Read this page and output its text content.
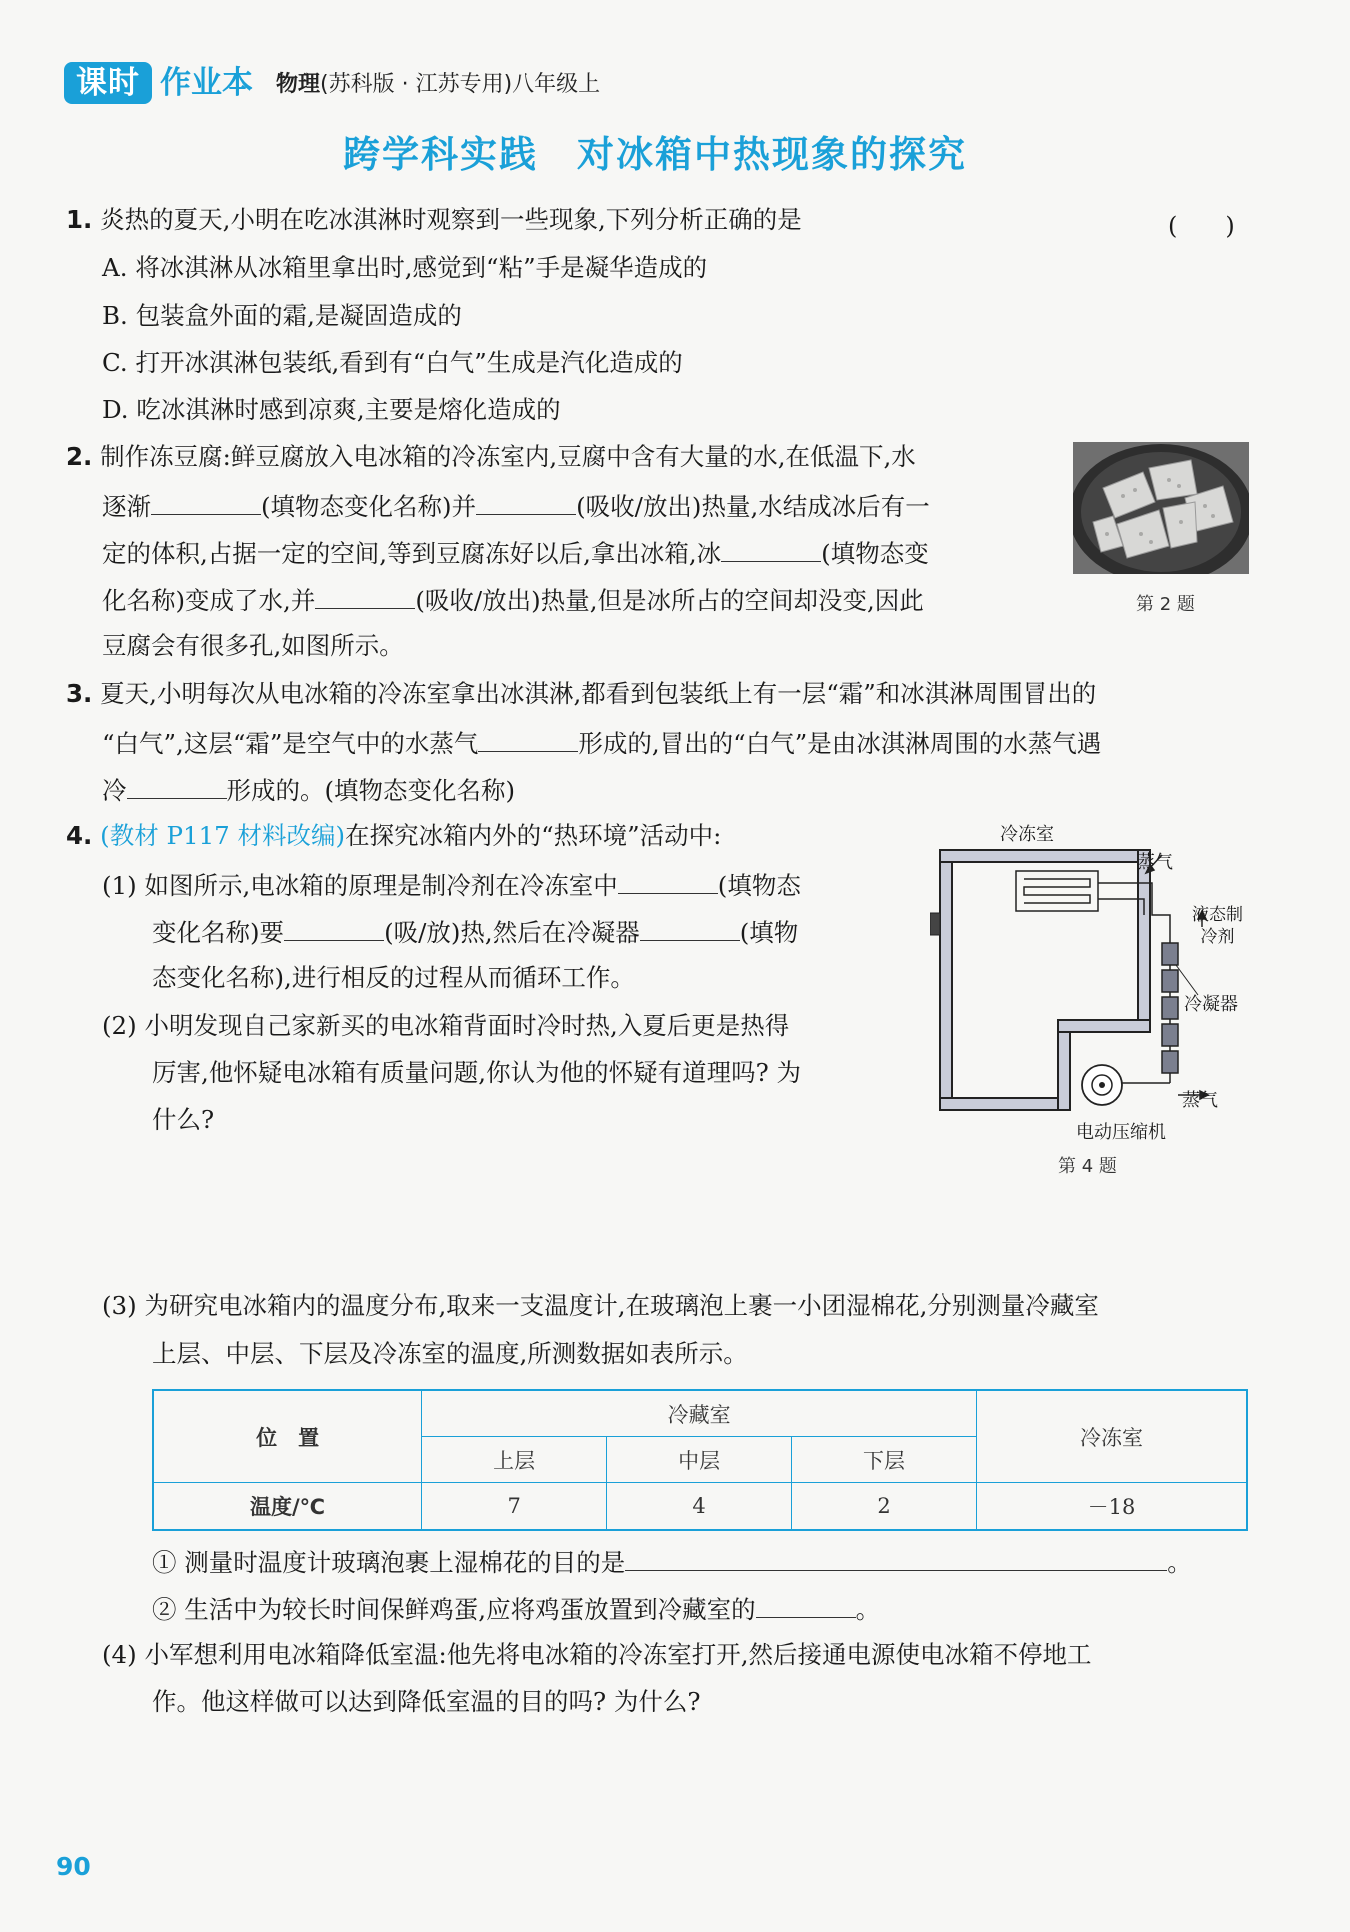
课时 作业本 物理(苏科版 · 江苏专用)八年级上
跨学科实践　对冰箱中热现象的探究
1. 炎热的夏天,小明在吃冰淇淋时观察到一些现象,下列分析正确的是	(　　)
A. 将冰淇淋从冰箱里拿出时,感觉到“粘”手是凝华造成的
B. 包装盒外面的霜,是凝固造成的
C. 打开冰淇淋包装纸,看到有“白气”生成是汽化造成的
D. 吃冰淇淋时感到凉爽,主要是熔化造成的
2. 制作冻豆腐:鲜豆腐放入电冰箱的冷冻室内,豆腐中含有大量的水,在低温下,水
逐渐	(填物态变化名称)并	(吸收/放出)热量,水结成冰后有一
定的体积,占据一定的空间,等到豆腐冻好以后,拿出冰箱,冰	(填物态变
化名称)变成了水,并	(吸收/放出)热量,但是冰所占的空间却没变,因此
豆腐会有很多孔,如图所示。
第 2 题
3. 夏天,小明每次从电冰箱的冷冻室拿出冰淇淋,都看到包装纸上有一层“霜”和冰淇淋周围冒出的
“白气”,这层“霜”是空气中的水蒸气	形成的,冒出的“白气”是由冰淇淋周围的水蒸气遇
冷	形成的。(填物态变化名称)
4. (教材 P117 材料改编)在探究冰箱内外的“热环境”活动中:
(1) 如图所示,电冰箱的原理是制冷剂在冷冻室中	(填物态
变化名称)要	(吸/放)热,然后在冷凝器	(填物
态变化名称),进行相反的过程从而循环工作。
(2) 小明发现自己家新买的电冰箱背面时冷时热,入夏后更是热得
厉害,他怀疑电冰箱有质量问题,你认为他的怀疑有道理吗? 为
什么?
冷冻室
蒸气
液态制
冷剂
冷凝器
蒸气
电动压缩机
第 4 题
(3) 为研究电冰箱内的温度分布,取来一支温度计,在玻璃泡上裹一小团湿棉花,分别测量冷藏室
上层、中层、下层及冷冻室的温度,所测数据如表所示。
位　置	冷藏室			冷冻室
	上层	中层	下层	
温度/℃	7	4	2	－18
① 测量时温度计玻璃泡裹上湿棉花的目的是	。
② 生活中为较长时间保鲜鸡蛋,应将鸡蛋放置到冷藏室的	。
(4) 小军想利用电冰箱降低室温:他先将电冰箱的冷冻室打开,然后接通电源使电冰箱不停地工
作。他这样做可以达到降低室温的目的吗? 为什么?
90
